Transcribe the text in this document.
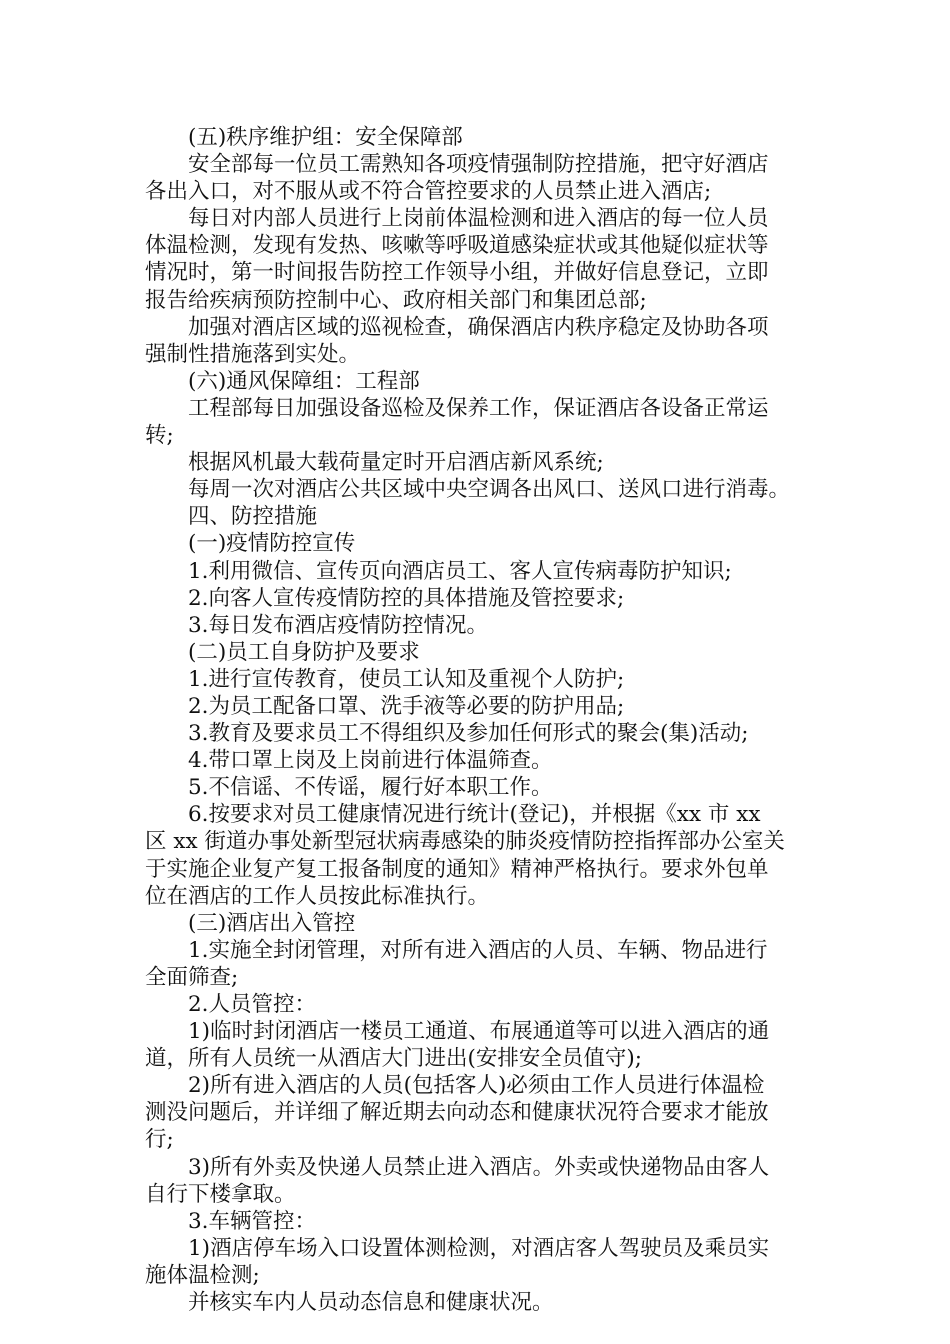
(五)秩序维护组：安全保障部

安全部每一位员工需熟知各项疫情强制防控措施，把守好酒店
各出入口，对不服从或不符合管控要求的人员禁止进入酒店;

每日对内部人员进行上岗前体温检测和进入酒店的每一位人员
体温检测，发现有发热、咳嗽等呼吸道感染症状或其他疑似症状等
情况时，第一时间报告防控工作领导小组，并做好信息登记，立即
报告给疾病预防控制中心、政府相关部门和集团总部;

加强对酒店区域的巡视检查，确保酒店内秩序稳定及协助各项
强制性措施落到实处。

(六)通风保障组：工程部

工程部每日加强设备巡检及保养工作，保证酒店各设备正常运
转;

根据风机最大载荷量定时开启酒店新风系统;

每周一次对酒店公共区域中央空调各出风口、送风口进行消毒。

四、防控措施

(一)疫情防控宣传

1.利用微信、宣传页向酒店员工、客人宣传病毒防护知识;

2.向客人宣传疫情防控的具体措施及管控要求;

3.每日发布酒店疫情防控情况。

(二)员工自身防护及要求

1.进行宣传教育，使员工认知及重视个人防护;

2.为员工配备口罩、洗手液等必要的防护用品;

3.教育及要求员工不得组织及参加任何形式的聚会(集)活动;

4.带口罩上岗及上岗前进行体温筛查。

5.不信谣、不传谣，履行好本职工作。

6.按要求对员工健康情况进行统计(登记)，并根据《xx 市 xx
区 xx 街道办事处新型冠状病毒感染的肺炎疫情防控指挥部办公室关
于实施企业复产复工报备制度的通知》精神严格执行。要求外包单
位在酒店的工作人员按此标准执行。

(三)酒店出入管控

1.实施全封闭管理，对所有进入酒店的人员、车辆、物品进行
全面筛查;

2.人员管控：

1)临时封闭酒店一楼员工通道、布展通道等可以进入酒店的通
道，所有人员统一从酒店大门进出(安排安全员值守);

2)所有进入酒店的人员(包括客人)必须由工作人员进行体温检
测没问题后，并详细了解近期去向动态和健康状况符合要求才能放
行;

3)所有外卖及快递人员禁止进入酒店。外卖或快递物品由客人
自行下楼拿取。

3.车辆管控：

1)酒店停车场入口设置体测检测，对酒店客人驾驶员及乘员实
施体温检测;

并核实车内人员动态信息和健康状况。
